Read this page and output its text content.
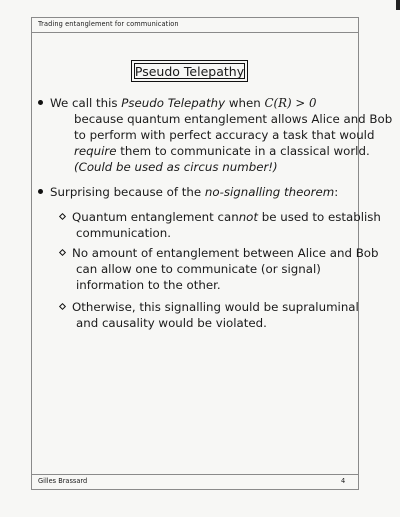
Trading entanglement for communication
Pseudo Telepathy
We call this Pseudo Telepathy when C(R) > 0
because quantum entanglement allows Alice and Bob
to perform with perfect accuracy a task that would
require them to communicate in a classical world.
(Could be used as circus number!)
Surprising because of the no-signalling theorem:
Quantum entanglement cannot be used to establish
communication.
No amount of entanglement between Alice and Bob
can allow one to communicate (or signal)
information to the other.
Otherwise, this signalling would be supraluminal
and causality would be violated.
Gilles Brassard	4
